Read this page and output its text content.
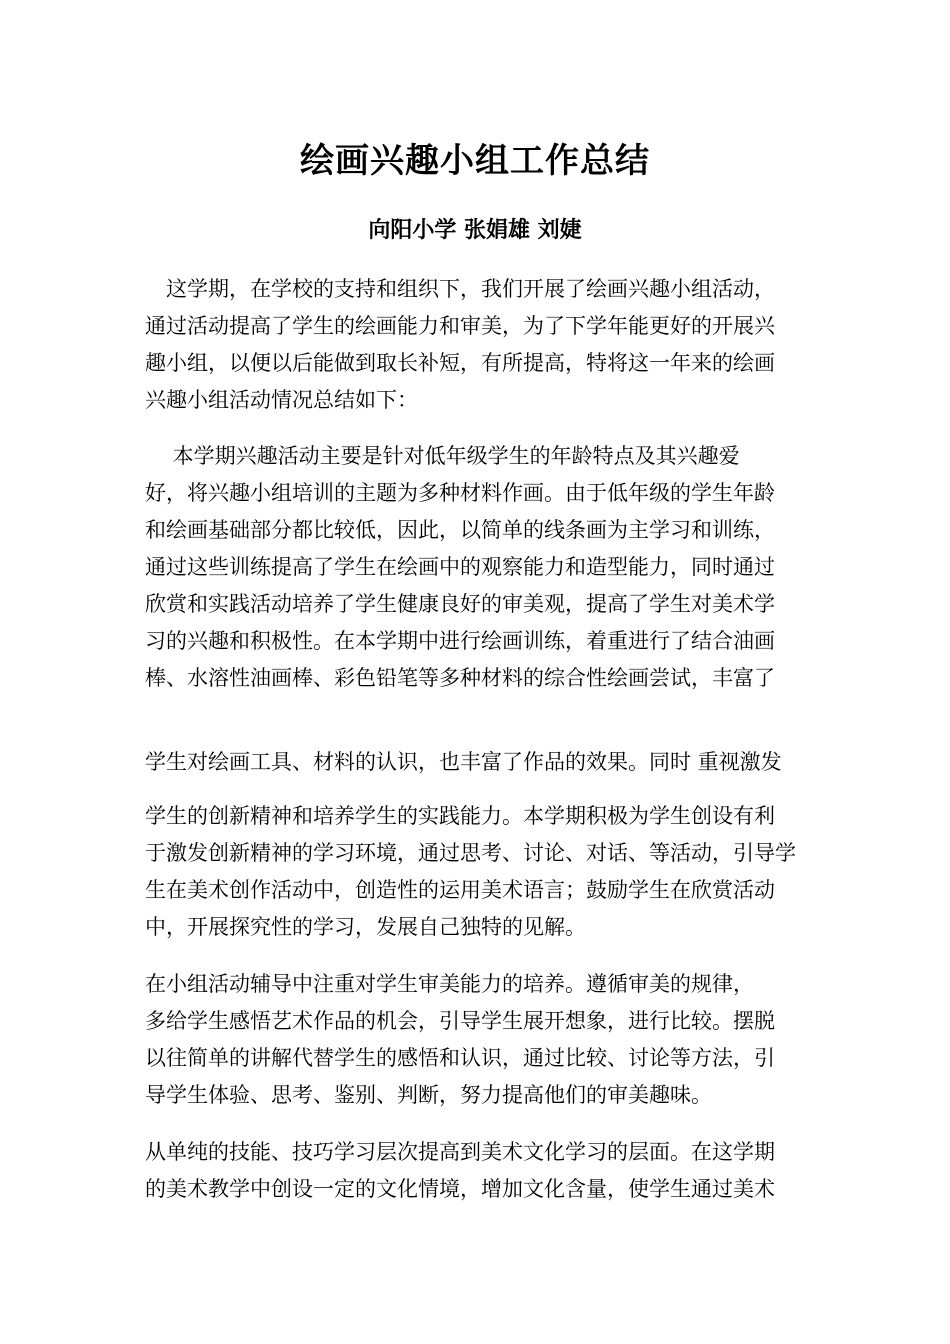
绘画兴趣小组工作总结
向阳小学 张娟雄 刘婕
　这学期，在学校的支持和组织下，我们开展了绘画兴趣小组活动，
通过活动提高了学生的绘画能力和审美，为了下学年能更好的开展兴
趣小组，以便以后能做到取长补短，有所提高，特将这一年来的绘画
兴趣小组活动情况总结如下：
　 本学期兴趣活动主要是针对低年级学生的年龄特点及其兴趣爱
好，将兴趣小组培训的主题为多种材料作画。由于低年级的学生年龄
和绘画基础部分都比较低，因此，以简单的线条画为主学习和训练，
通过这些训练提高了学生在绘画中的观察能力和造型能力，同时通过
欣赏和实践活动培养了学生健康良好的审美观，提高了学生对美术学
习的兴趣和积极性。在本学期中进行绘画训练，着重进行了结合油画
棒、水溶性油画棒、彩色铅笔等多种材料的综合性绘画尝试，丰富了
学生对绘画工具、材料的认识，也丰富了作品的效果。同时 重视激发
学生的创新精神和培养学生的实践能力。本学期积极为学生创设有利
于激发创新精神的学习环境，通过思考、讨论、对话、等活动，引导学
生在美术创作活动中，创造性的运用美术语言；鼓励学生在欣赏活动
中，开展探究性的学习，发展自己独特的见解。
在小组活动辅导中注重对学生审美能力的培养。遵循审美的规律，
多给学生感悟艺术作品的机会，引导学生展开想象，进行比较。摆脱
以往简单的讲解代替学生的感悟和认识，通过比较、讨论等方法，引
导学生体验、思考、鉴别、判断，努力提高他们的审美趣味。
从单纯的技能、技巧学习层次提高到美术文化学习的层面。在这学期
的美术教学中创设一定的文化情境，增加文化含量，使学生通过美术
